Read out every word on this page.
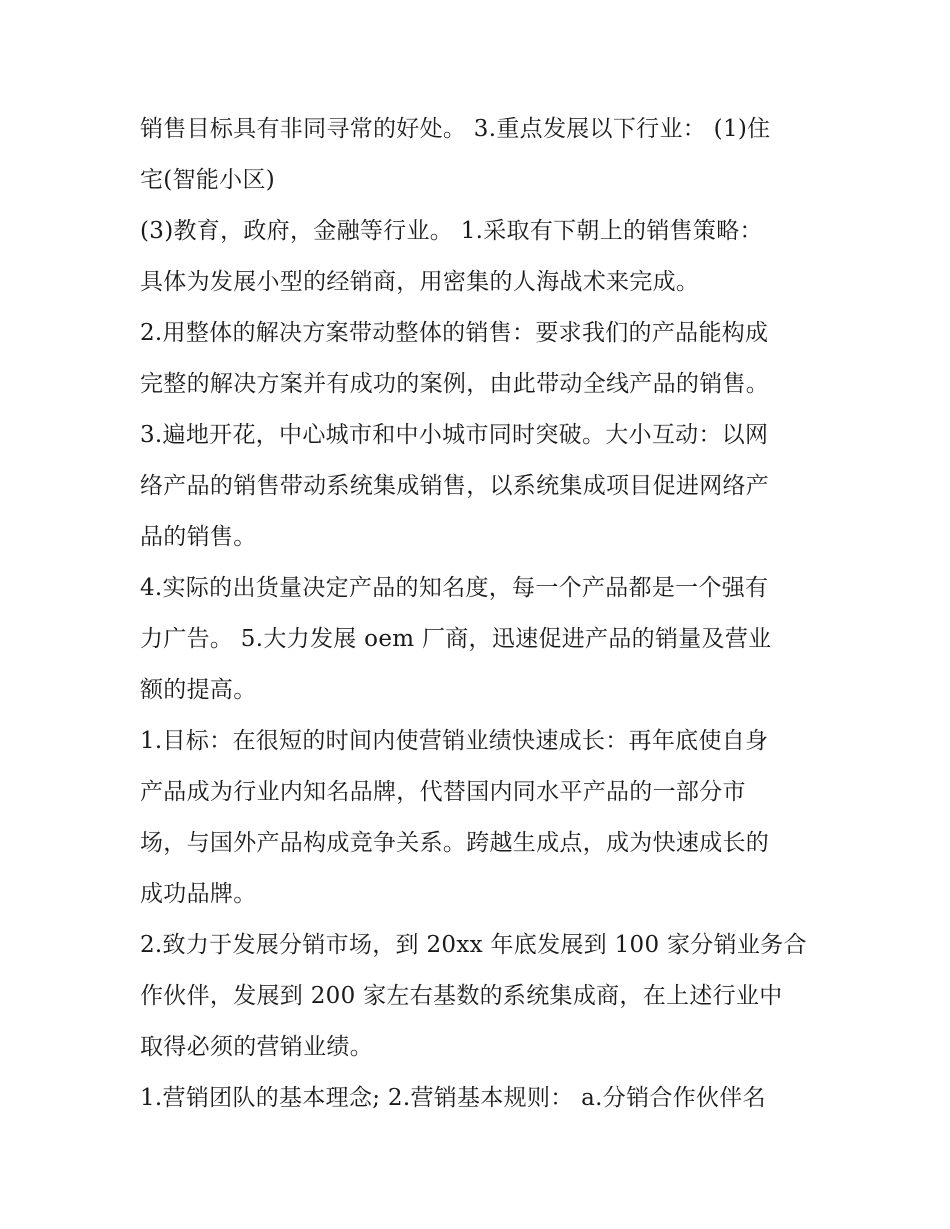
销售目标具有非同寻常的好处。 3.重点发展以下行业： (1)住
宅(智能小区)
(3)教育，政府，金融等行业。 1.采取有下朝上的销售策略：
具体为发展小型的经销商，用密集的人海战术来完成。
2.用整体的解决方案带动整体的销售：要求我们的产品能构成
完整的解决方案并有成功的案例，由此带动全线产品的销售。
3.遍地开花，中心城市和中小城市同时突破。大小互动：以网
络产品的销售带动系统集成销售，以系统集成项目促进网络产
品的销售。
4.实际的出货量决定产品的知名度，每一个产品都是一个强有
力广告。 5.大力发展 oem 厂商，迅速促进产品的销量及营业
额的提高。
1.目标：在很短的时间内使营销业绩快速成长：再年底使自身
产品成为行业内知名品牌，代替国内同水平产品的一部分市
场，与国外产品构成竞争关系。跨越生成点，成为快速成长的
成功品牌。
2.致力于发展分销市场，到 20xx 年底发展到 100 家分销业务合
作伙伴，发展到 200 家左右基数的系统集成商，在上述行业中
取得必须的营销业绩。
1.营销团队的基本理念; 2.营销基本规则： a.分销合作伙伴名
